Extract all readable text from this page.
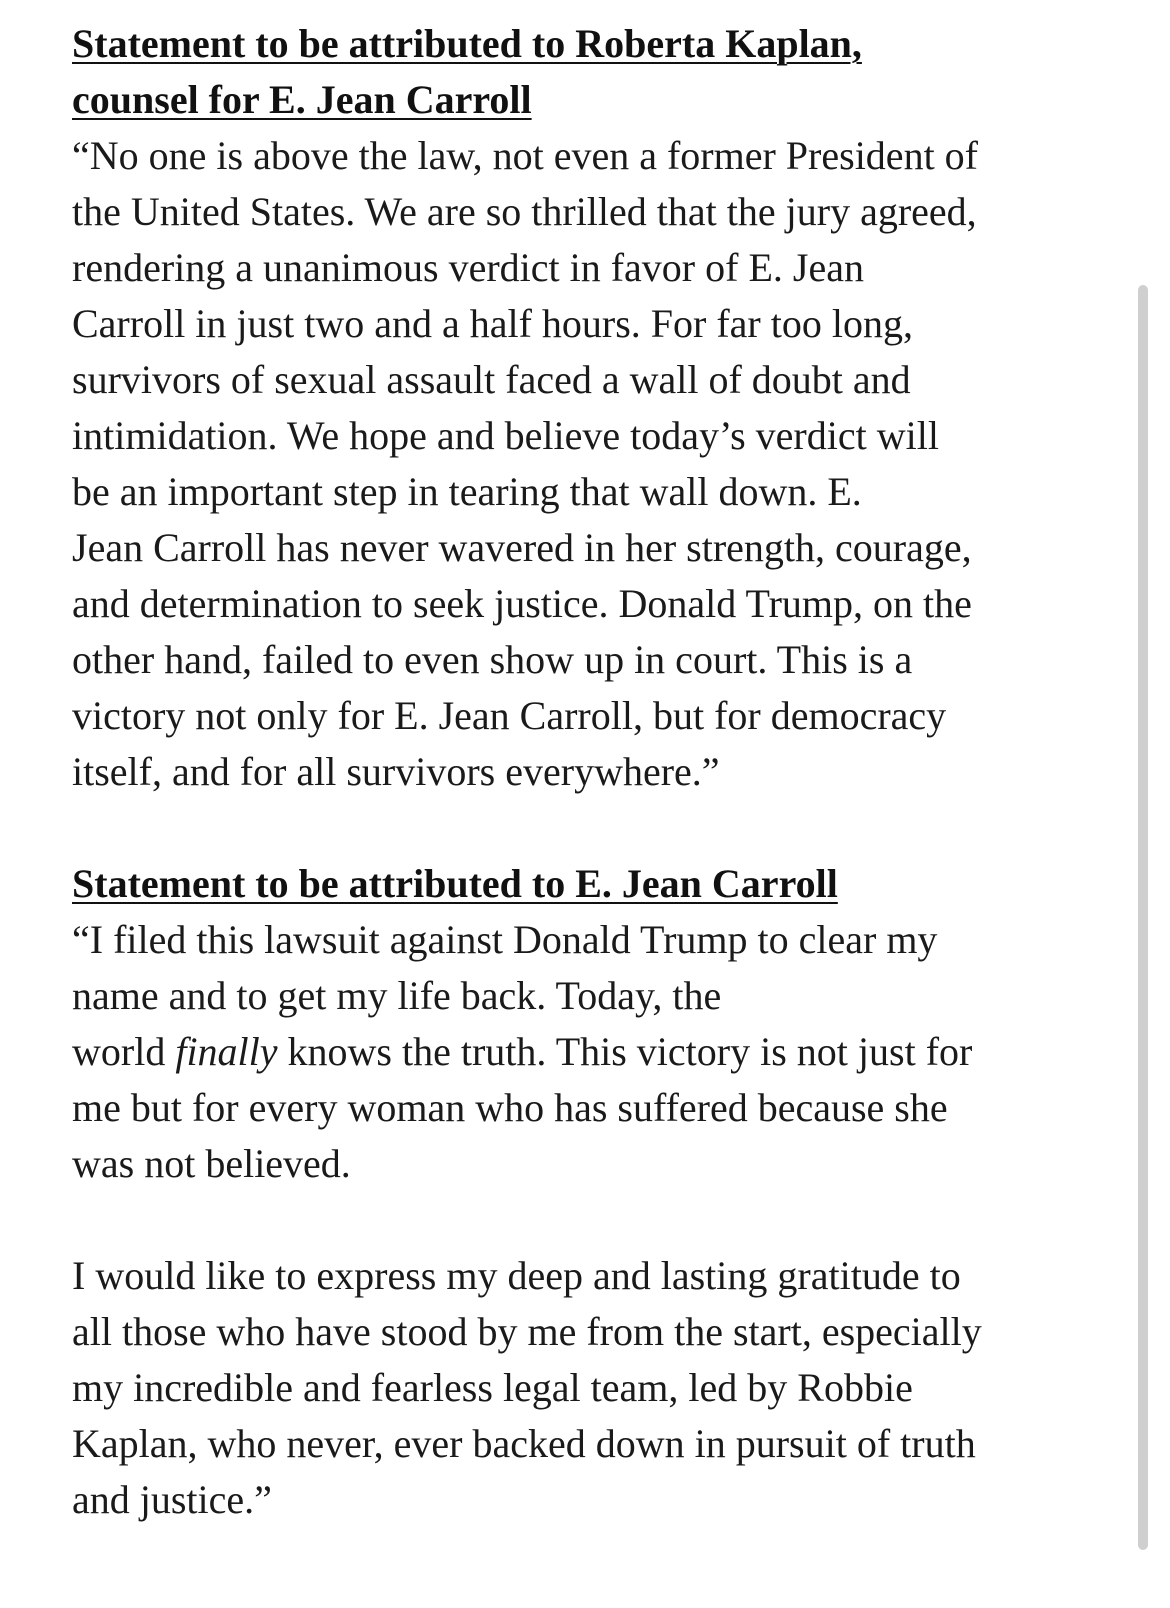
Statement to be attributed to Roberta Kaplan,

counsel for E. Jean Carroll

“No one is above the law, not even a former President of

the United States. We are so thrilled that the jury agreed,

rendering a unanimous verdict in favor of E. Jean

Carroll in just two and a half hours. For far too long,

survivors of sexual assault faced a wall of doubt and

intimidation. We hope and believe today’s verdict will

be an important step in tearing that wall down. E.

Jean Carroll has never wavered in her strength, courage,

and determination to seek justice. Donald Trump, on the

other hand, failed to even show up in court. This is a

victory not only for E. Jean Carroll, but for democracy

itself, and for all survivors everywhere.”

Statement to be attributed to E. Jean Carroll

“I filed this lawsuit against Donald Trump to clear my

name and to get my life back. Today, the

world finally knows the truth. This victory is not just for

me but for every woman who has suffered because she

was not believed.

I would like to express my deep and lasting gratitude to

all those who have stood by me from the start, especially

my incredible and fearless legal team, led by Robbie

Kaplan, who never, ever backed down in pursuit of truth

and justice.”
